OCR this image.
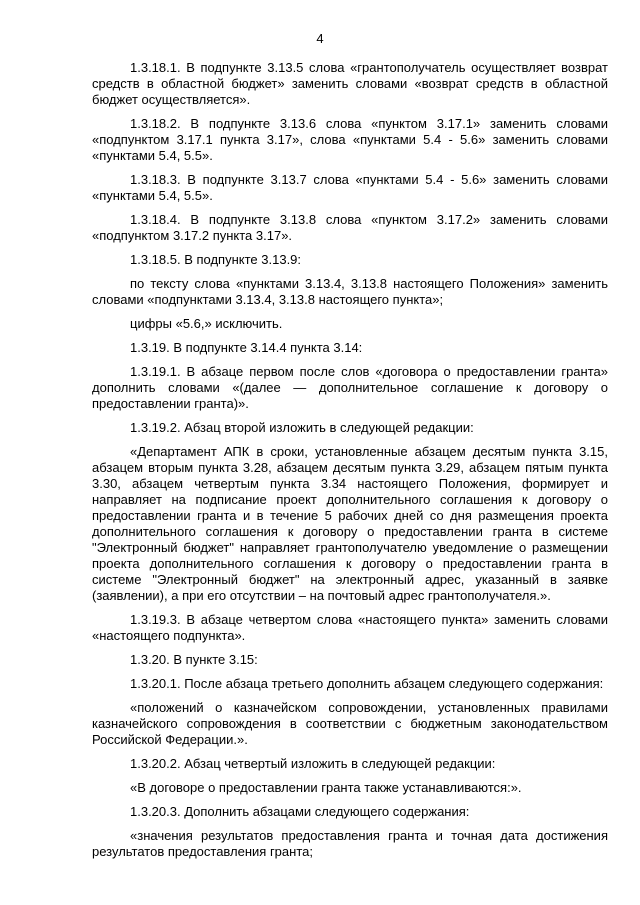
4

1.3.18.1. В подпункте 3.13.5 слова «грантополучатель осуществляет возврат средств в областной бюджет» заменить словами «возврат средств в областной бюджет осуществляется».

1.3.18.2. В подпункте 3.13.6 слова «пунктом 3.17.1» заменить словами «подпунктом 3.17.1 пункта 3.17», слова «пунктами 5.4 - 5.6» заменить словами «пунктами 5.4, 5.5».

1.3.18.3. В подпункте 3.13.7 слова «пунктами 5.4 - 5.6» заменить словами «пунктами 5.4, 5.5».

1.3.18.4. В подпункте 3.13.8 слова «пунктом 3.17.2» заменить словами «подпунктом 3.17.2 пункта 3.17».

1.3.18.5. В подпункте 3.13.9:

по тексту слова «пунктами 3.13.4, 3.13.8 настоящего Положения» заменить словами «подпунктами 3.13.4, 3.13.8 настоящего пункта»;

цифры «5.6,» исключить.

1.3.19. В подпункте 3.14.4 пункта 3.14:

1.3.19.1. В абзаце первом после слов «договора о предоставлении гранта» дополнить словами «(далее — дополнительное соглашение к договору о предоставлении гранта)».

1.3.19.2. Абзац второй изложить в следующей редакции:

«Департамент АПК в сроки, установленные абзацем десятым пункта 3.15, абзацем вторым пункта 3.28, абзацем десятым пункта 3.29, абзацем пятым пункта 3.30, абзацем четвертым пункта 3.34 настоящего Положения, формирует и направляет на подписание проект дополнительного соглашения к договору о предоставлении гранта и в течение 5 рабочих дней со дня размещения проекта дополнительного соглашения к договору о предоставлении гранта в системе "Электронный бюджет" направляет грантополучателю уведомление о размещении проекта дополнительного соглашения к договору о предоставлении гранта в системе "Электронный бюджет" на электронный адрес, указанный в заявке (заявлении), а при его отсутствии – на почтовый адрес грантополучателя.».

1.3.19.3. В абзаце четвертом слова «настоящего пункта» заменить словами «настоящего подпункта».

1.3.20. В пункте 3.15:

1.3.20.1. После абзаца третьего дополнить абзацем следующего содержания:

«положений о казначейском сопровождении, установленных правилами казначейского сопровождения в соответствии с бюджетным законодательством Российской Федерации.».

1.3.20.2. Абзац четвертый изложить в следующей редакции:

«В договоре о предоставлении гранта также устанавливаются:».

1.3.20.3. Дополнить абзацами следующего содержания:

«значения результатов предоставления гранта и точная дата достижения результатов предоставления гранта;
